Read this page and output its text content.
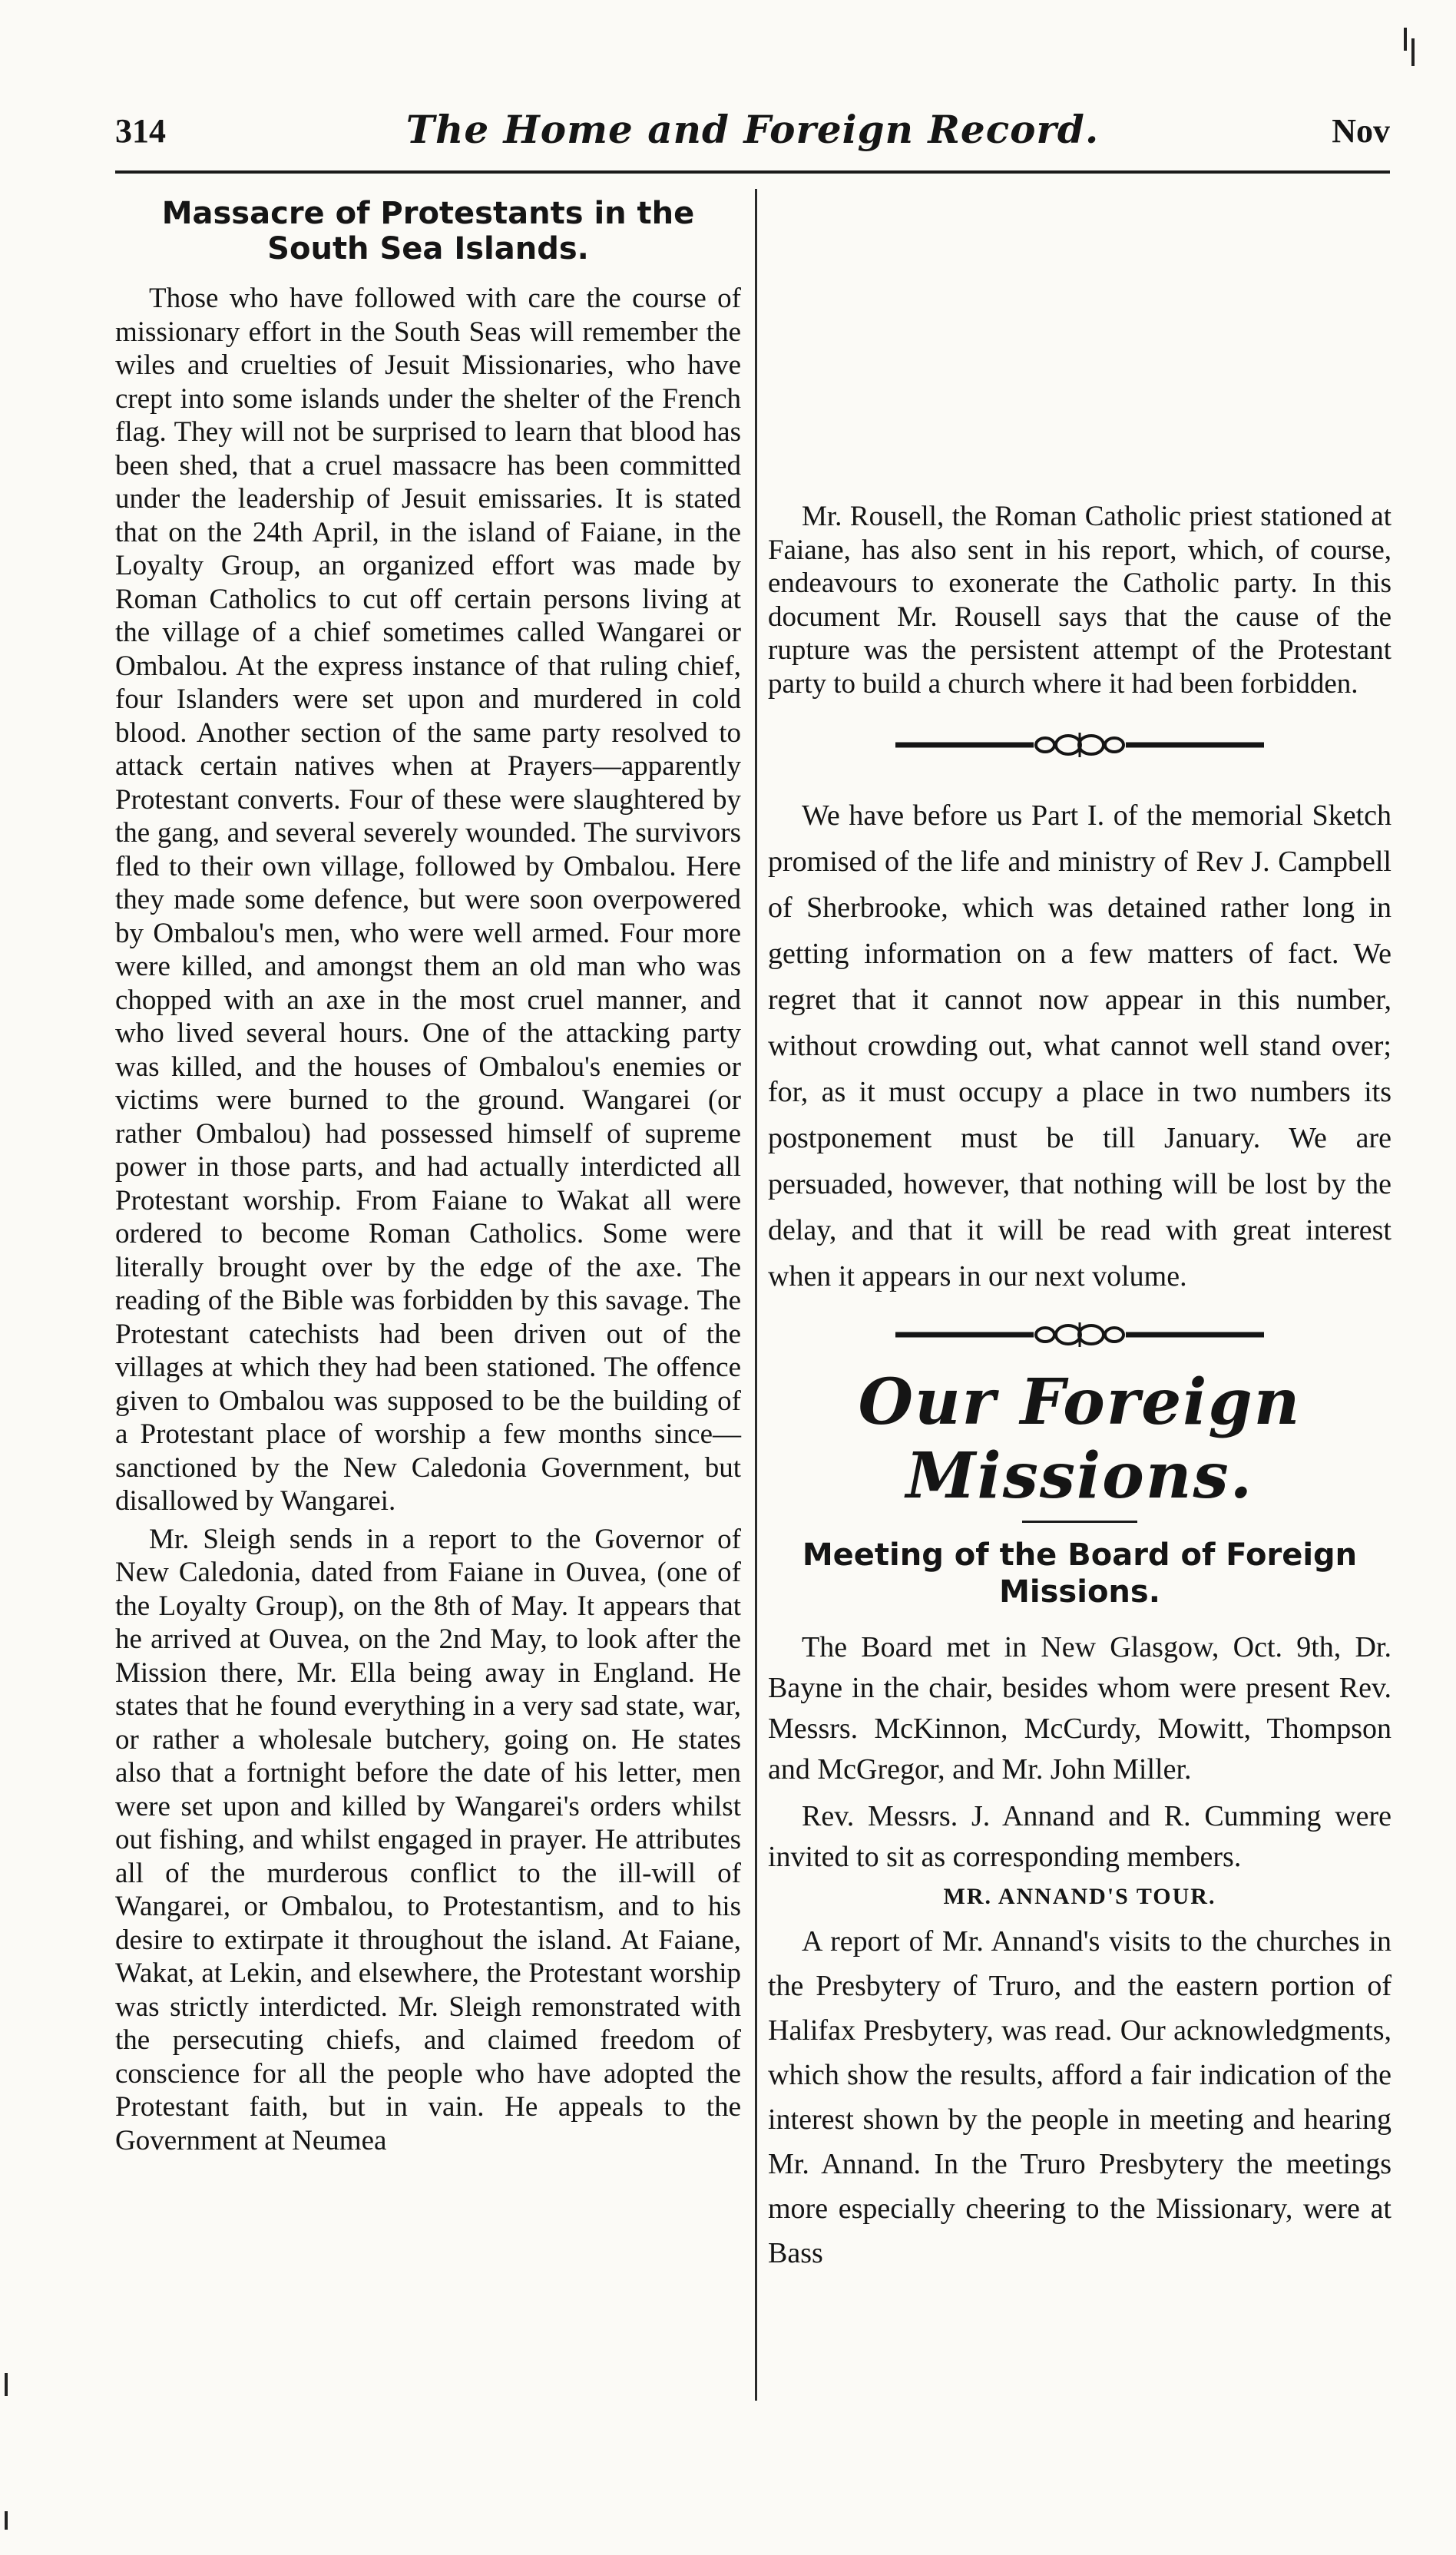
314	The Home and Foreign Record.	Nov
Massacre of Protestants in the South Sea Islands.

Those who have followed with care the course of missionary effort in the South Seas will remember the wiles and cruelties of Jesuit Missionaries, who have crept into some islands under the shelter of the French flag. They will not be surprised to learn that blood has been shed, that a cruel massacre has been committed under the leadership of Jesuit emissaries. It is stated that on the 24th April, in the island of Faiane, in the Loyalty Group, an organized effort was made by Roman Catholics to cut off certain persons living at the village of a chief sometimes called Wangarei or Ombalou. At the express instance of that ruling chief, four Islanders were set upon and murdered in cold blood. Another section of the same party resolved to attack certain natives when at Prayers—apparently Protestant converts. Four of these were slaughtered by the gang, and several severely wounded. The survivors fled to their own village, followed by Ombalou. Here they made some defence, but were soon overpowered by Ombalou's men, who were well armed. Four more were killed, and amongst them an old man who was chopped with an axe in the most cruel manner, and who lived several hours. One of the attacking party was killed, and the houses of Ombalou's enemies or victims were burned to the ground. Wangarei (or rather Ombalou) had possessed himself of supreme power in those parts, and had actually interdicted all Protestant worship. From Faiane to Wakat all were ordered to become Roman Catholics. Some were literally brought over by the edge of the axe. The reading of the Bible was forbidden by this savage. The Protestant catechists had been driven out of the villages at which they had been stationed. The offence given to Ombalou was supposed to be the building of a Protestant place of worship a few months since—sanctioned by the New Caledonia Government, but disallowed by Wangarei.

Mr. Sleigh sends in a report to the Governor of New Caledonia, dated from Faiane in Ouvea, (one of the Loyalty Group), on the 8th of May. It appears that he arrived at Ouvea, on the 2nd May, to look after the Mission there, Mr. Ella being away in England. He states that he found everything in a very sad state, war, or rather a wholesale butchery, going on. He states also that a fortnight before the date of his letter, men were set upon and killed by Wangarei's orders whilst out fishing, and whilst engaged in prayer. He attributes all of the murderous conflict to the ill-will of Wangarei, or Ombalou, to Protestantism, and to his desire to extirpate it throughout the island. At Faiane, Wakat, at Lekin, and elsewhere, the Protestant worship was strictly interdicted. Mr. Sleigh remonstrated with the persecuting chiefs, and claimed freedom of conscience for all the people who have adopted the Protestant faith, but in vain. He appeals to the Government at Neumea

Mr. Rousell, the Roman Catholic priest stationed at Faiane, has also sent in his report, which, of course, endeavours to exonerate the Catholic party. In this document Mr. Rousell says that the cause of the rupture was the persistent attempt of the Protestant party to build a church where it had been forbidden.

We have before us Part I. of the memorial Sketch promised of the life and ministry of Rev J. Campbell of Sherbrooke, which was detained rather long in getting information on a few matters of fact. We regret that it cannot now appear in this number, without crowding out, what cannot well stand over; for, as it must occupy a place in two numbers its postponement must be till January. We are persuaded, however, that nothing will be lost by the delay, and that it will be read with great interest when it appears in our next volume.

Our Foreign Missions.
Meeting of the Board of Foreign Missions.

The Board met in New Glasgow, Oct. 9th, Dr. Bayne in the chair, besides whom were present Rev. Messrs. McKinnon, McCurdy, Mowitt, Thompson and McGregor, and Mr. John Miller.

Rev. Messrs. J. Annand and R. Cumming were invited to sit as corresponding members.

MR. ANNAND'S TOUR.

A report of Mr. Annand's visits to the churches in the Presbytery of Truro, and the eastern portion of Halifax Presbytery, was read. Our acknowledgments, which show the results, afford a fair indication of the interest shown by the people in meeting and hearing Mr. Annand. In the Truro Presbytery the meetings more especially cheering to the Missionary, were at Bass
